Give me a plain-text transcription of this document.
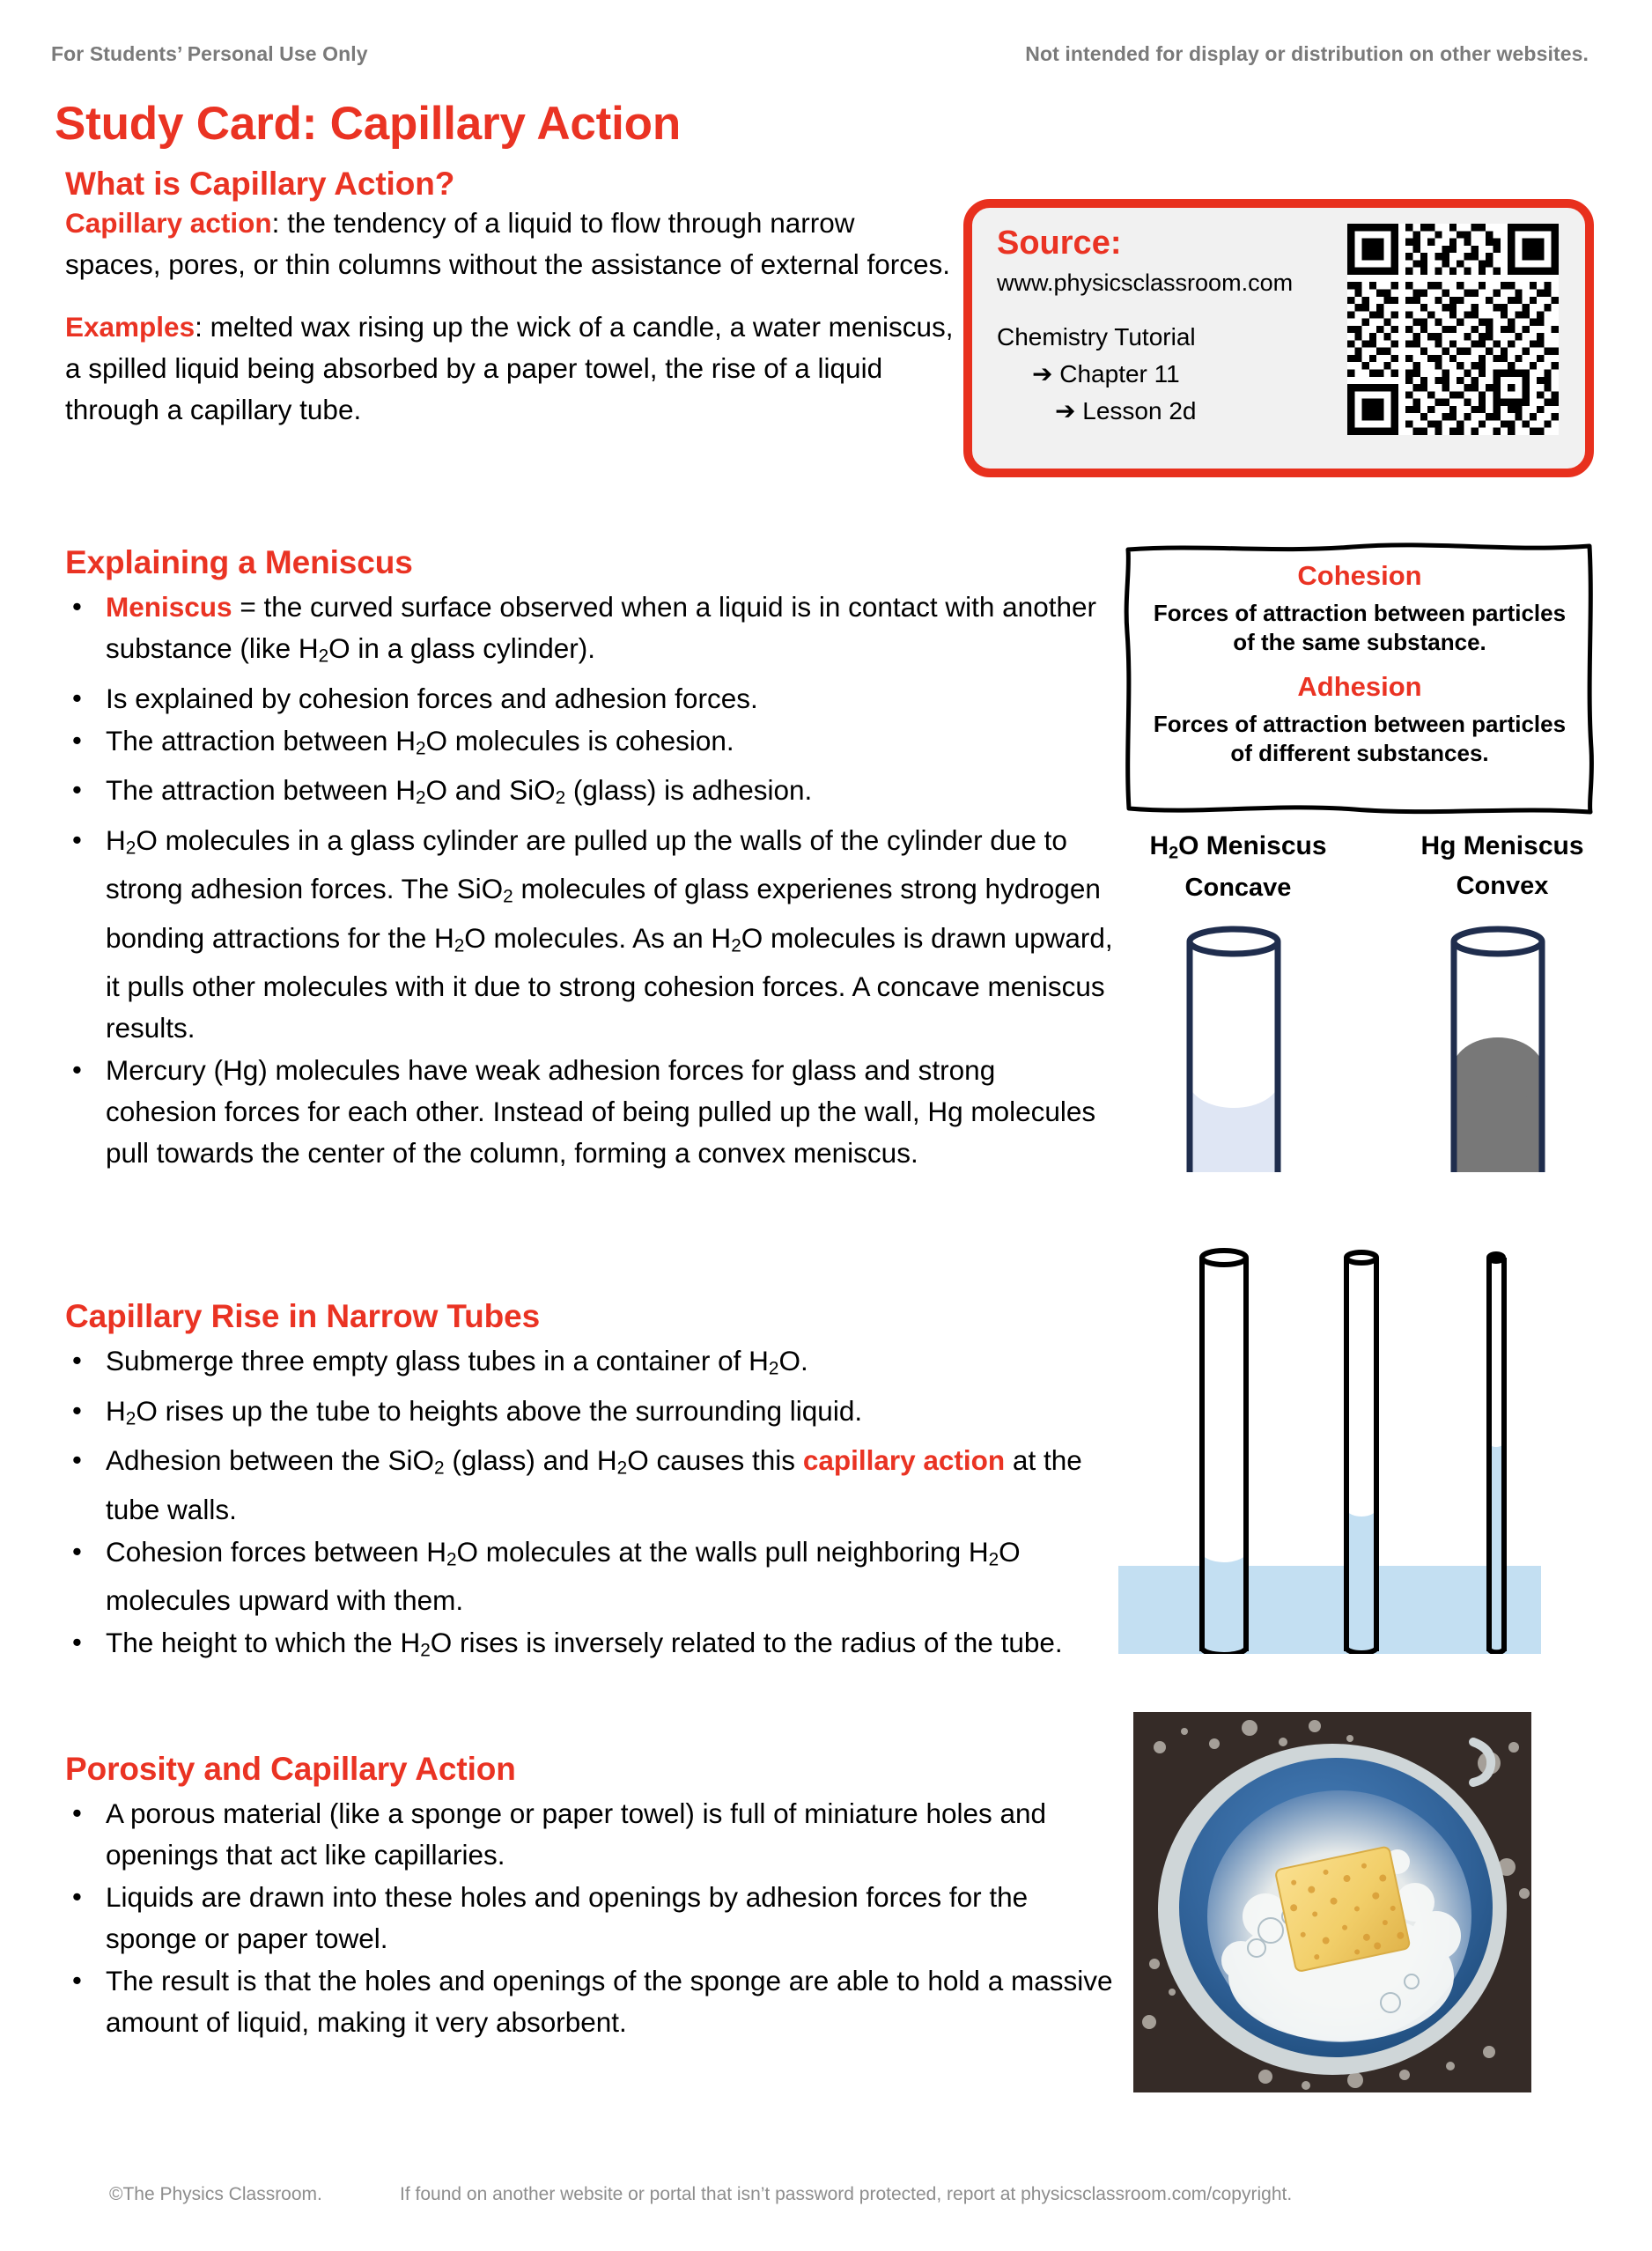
For Students’ Personal Use Only	Not intended for display or distribution on other websites.
Study Card: Capillary Action
What is Capillary Action?
Capillary action: the tendency of a liquid to flow through narrow spaces, pores, or thin columns without the assistance of external forces.
Examples: melted wax rising up the wick of a candle, a water meniscus, a spilled liquid being absorbed by a paper towel, the rise of a liquid through a capillary tube.
Source:
www.physicsclassroom.com
Chemistry Tutorial
➔ Chapter 11
➔ Lesson 2d
Explaining a Meniscus
• Meniscus = the curved surface observed when a liquid is in contact with another substance (like $H_2O$ in a glass cylinder).
• Is explained by cohesion forces and adhesion forces.
• The attraction between $H_2O$ molecules is cohesion.
• The attraction between $H_2O$ and SiO$_2$ (glass) is adhesion.
• $H_2O$ molecules in a glass cylinder are pulled up the walls of the cylinder due to strong adhesion forces. The SiO$_2$ molecules of glass experienes strong hydrogen bonding attractions for the $H_2O$ molecules. As an $H_2O$ molecules is drawn upward, it pulls other molecules with it due to strong cohesion forces. A concave meniscus results.
• Mercury (Hg) molecules have weak adhesion forces for glass and strong cohesion forces for each other. Instead of being pulled up the wall, Hg molecules pull towards the center of the column, forming a convex meniscus.
Cohesion
Forces of attraction between particles of the same substance.
Adhesion
Forces of attraction between particles of different substances.
$H_2O$ Meniscus
Concave
Hg Meniscus
Convex
Capillary Rise in Narrow Tubes
• Submerge three empty glass tubes in a container of $H_2O$.
• $H_2O$ rises up the tube to heights above the surrounding liquid.
• Adhesion between the SiO$_2$ (glass) and $H_2O$ causes this capillary action at the tube walls.
• Cohesion forces between $H_2O$ molecules at the walls pull neighboring $H_2O$ molecules upward with them.
• The height to which the $H_2O$ rises is inversely related to the radius of the tube.
Porosity and Capillary Action
• A porous material (like a sponge or paper towel) is full of miniature holes and openings that act like capillaries.
• Liquids are drawn into these holes and openings by adhesion forces for the sponge or paper towel.
• The result is that the holes and openings of the sponge are able to hold a massive amount of liquid, making it very absorbent.
©The Physics Classroom.	If found on another website or portal that isn’t password protected, report at physicsclassroom.com/copyright.
